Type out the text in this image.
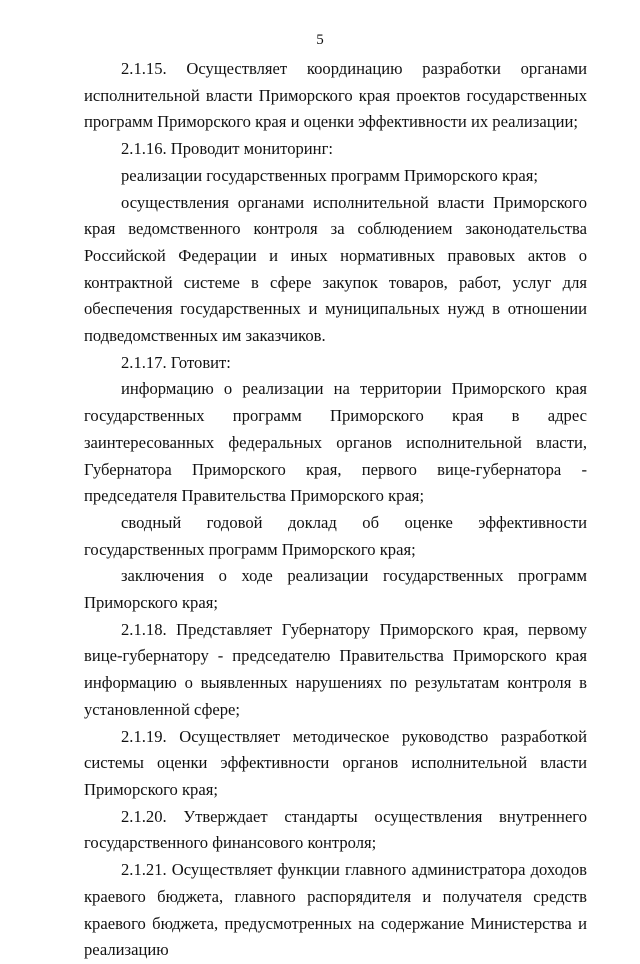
5

2.1.15. Осуществляет координацию разработки органами исполнительной власти Приморского края проектов государственных программ Приморского края и оценки эффективности их реализации;

2.1.16. Проводит мониторинг:

реализации государственных программ Приморского края;

осуществления органами исполнительной власти Приморского края ведомственного контроля за соблюдением законодательства Российской Федерации и иных нормативных правовых актов о контрактной системе в сфере закупок товаров, работ, услуг для обеспечения государственных и муниципальных нужд в отношении подведомственных им заказчиков.

2.1.17. Готовит:

информацию о реализации на территории Приморского края государственных программ Приморского края в адрес заинтересованных федеральных органов исполнительной власти, Губернатора Приморского края, первого вице-губернатора - председателя Правительства Приморского края;

сводный годовой доклад об оценке эффективности государственных программ Приморского края;

заключения о ходе реализации государственных программ Приморского края;

2.1.18. Представляет Губернатору Приморского края, первому вице-губернатору - председателю Правительства Приморского края информацию о выявленных нарушениях по результатам контроля в установленной сфере;

2.1.19. Осуществляет методическое руководство разработкой системы оценки эффективности органов исполнительной власти Приморского края;

2.1.20. Утверждает стандарты осуществления внутреннего государственного финансового контроля;

2.1.21. Осуществляет функции главного администратора доходов краевого бюджета, главного распорядителя и получателя средств краевого бюджета, предусмотренных на содержание Министерства и реализацию
